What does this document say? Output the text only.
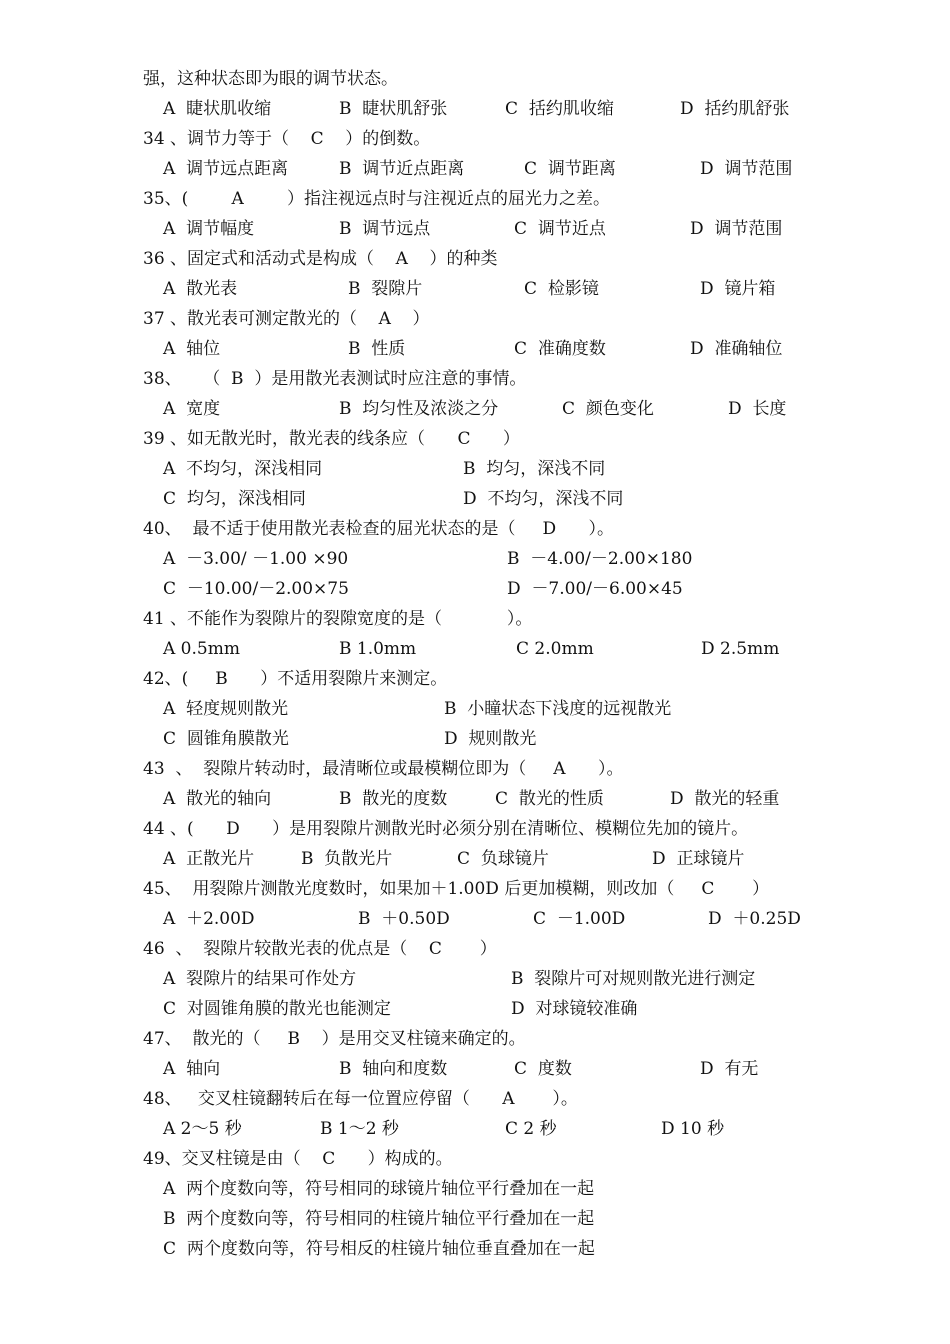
强，这种状态即为眼的调节状态。
A  睫状肌收缩	B  睫状肌舒张	C  括约肌收缩	D  括约肌舒张
34 、调节力等于（    C    ）的倒数。
A  调节远点距离	B  调节近点距离	C  调节距离	D  调节范围
35、(        A        ）指注视远点时与注视近点的屈光力之差。
A  调节幅度	B  调节远点	C  调节近点	D  调节范围
36 、固定式和活动式是构成（    A    ）的种类
A  散光表	B  裂隙片	C  检影镜	D  镜片箱
37 、散光表可测定散光的（    A    ）
A  轴位	B  性质	C  准确度数	D  准确轴位
38、    （  B  ）是用散光表测试时应注意的事情。
A  宽度	B  均匀性及浓淡之分	C  颜色变化	D  长度
39 、如无散光时，散光表的线条应（      C      ）
A  不均匀，深浅相同	B  均匀，深浅不同
C  均匀，深浅相同	D  不均匀，深浅不同
40、  最不适于使用散光表检查的屈光状态的是（     D      ）。
A  －3.00/ －1.00 ×90	B  －4.00/－2.00×180
C  －10.00/－2.00×75	D  －7.00/－6.00×45
41 、不能作为裂隙片的裂隙宽度的是（            ）。
A 0.5mm	B 1.0mm	C 2.0mm	D 2.5mm
42、(     B      ）不适用裂隙片来测定。
A  轻度规则散光	B  小瞳状态下浅度的远视散光
C  圆锥角膜散光	D  规则散光
43  、  裂隙片转动时，最清晰位或最模糊位即为（     A      ）。
A  散光的轴向	B  散光的度数	C  散光的性质	D  散光的轻重
44 、(      D      ）是用裂隙片测散光时必须分别在清晰位、模糊位先加的镜片。
A  正散光片	B  负散光片	C  负球镜片	D  正球镜片
45、  用裂隙片测散光度数时，如果加＋1.00D 后更加模糊，则改加（     C       ）
A  ＋2.00D	B  ＋0.50D	C  －1.00D	D  ＋0.25D
46  、  裂隙片较散光表的优点是（    C       ）
A  裂隙片的结果可作处方	B  裂隙片可对规则散光进行测定
C  对圆锥角膜的散光也能测定	D  对球镜较准确
47、  散光的（     B    ）是用交叉柱镜来确定的。
A  轴向	B  轴向和度数	C  度数	D  有无
48、   交叉柱镜翻转后在每一位置应停留（      A       ）。
A 2～5 秒	B 1～2 秒	C 2 秒	D 10 秒
49、交叉柱镜是由（    C      ）构成的。
A  两个度数向等，符号相同的球镜片轴位平行叠加在一起
B  两个度数向等，符号相同的柱镜片轴位平行叠加在一起
C  两个度数向等，符号相反的柱镜片轴位垂直叠加在一起
